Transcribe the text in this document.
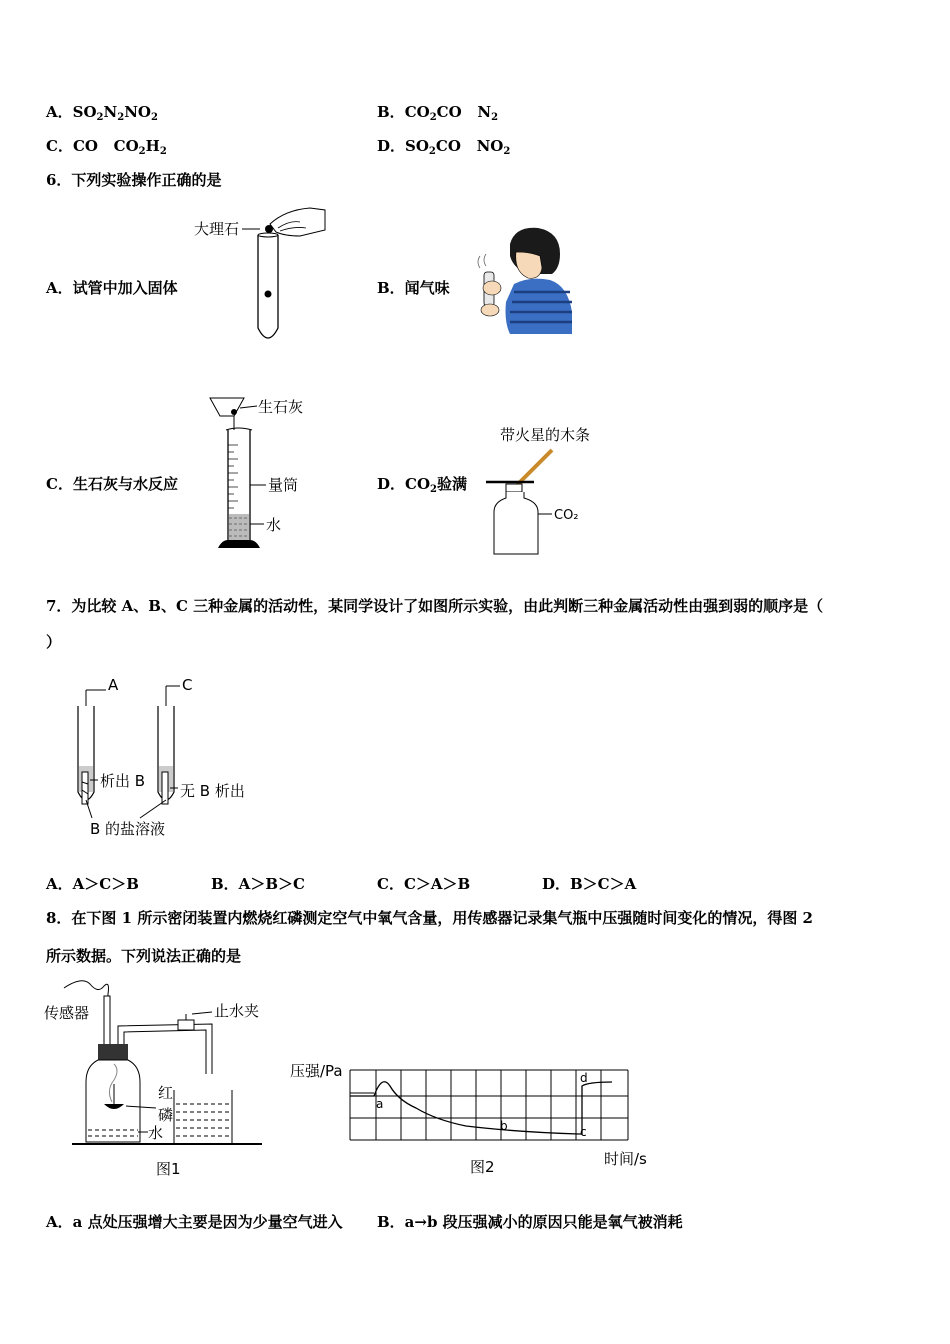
A．$SO_2N_2NO_2$	B．$CO_2CO$ $N_2$
C．CO $CO_2H_2$	D．$SO_2CO$ $NO_2$
6．下列实验操作正确的是
A．试管中加入固体	B．闻气味
C．生石灰与水反应	D．$CO_2$验满
大理石
生石灰
量筒
水
带火星的木条
CO₂
7．为比较 A、B、C 三种金属的活动性，某同学设计了如图所示实验，由此判断三种金属活动性由强到弱的顺序是（
）
A
析出 B
C
无 B 析出
B 的盐溶液
A．A＞C＞B	B．A＞B＞C	C．C＞A＞B	D．B＞C＞A
8．在下图 1 所示密闭装置内燃烧红磷测定空气中氧气含量，用传感器记录集气瓶中压强随时间变化的情况，得图 2
所示数据。下列说法正确的是
传感器	止水夹
红
磷
水
图1
压强/Pa
a
b	c
d
图2	时间/s
A．a 点处压强增大主要是因为少量空气进入 B．a→b 段压强减小的原因只能是氧气被消耗
